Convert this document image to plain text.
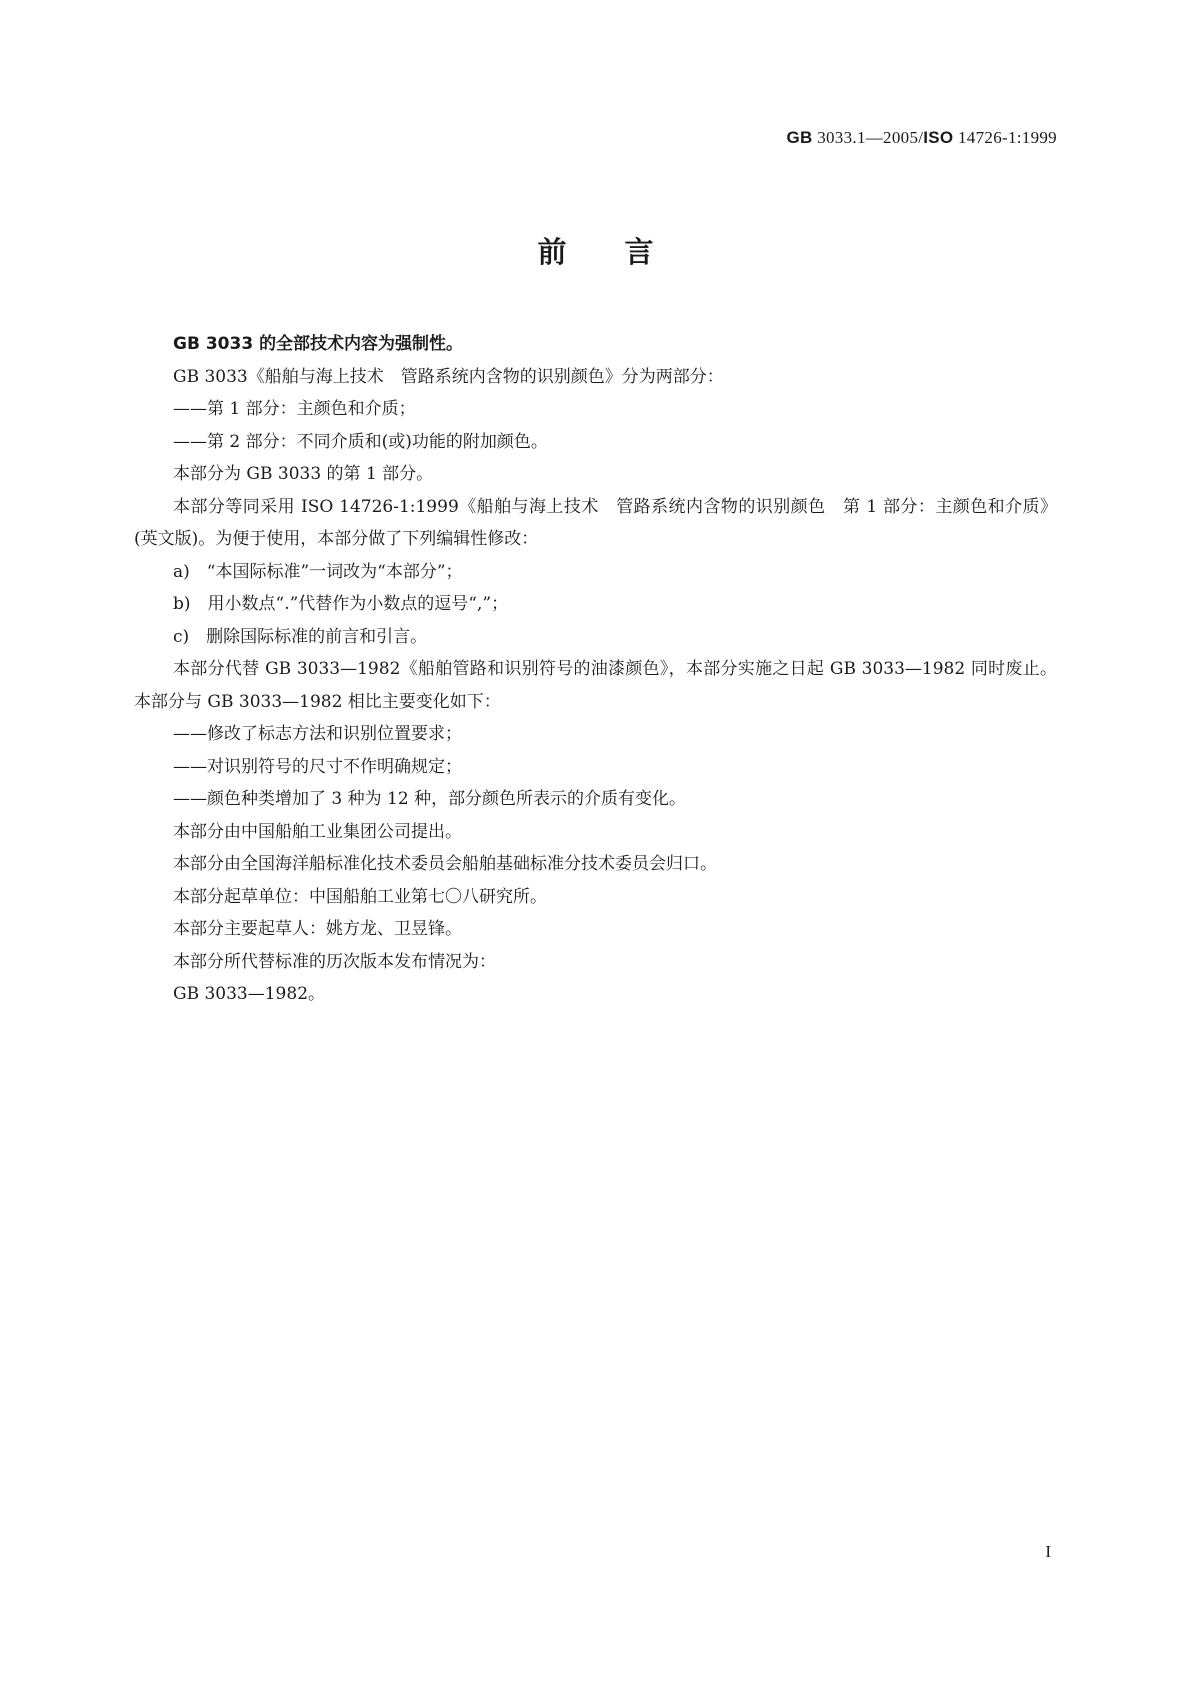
GB 3033.1—2005/ISO 14726-1:1999
前言

GB 3033 的全部技术内容为强制性。

GB 3033《船舶与海上技术　管路系统内含物的识别颜色》分为两部分：

——第 1 部分：主颜色和介质；

——第 2 部分：不同介质和(或)功能的附加颜色。

本部分为 GB 3033 的第 1 部分。

本部分等同采用 ISO 14726-1:1999《船舶与海上技术　管路系统内含物的识别颜色　第 1 部分：主颜色和介质》(英文版)。为便于使用，本部分做了下列编辑性修改：

a)　“本国际标准”一词改为“本部分”；

b)　用小数点“.”代替作为小数点的逗号“,”；

c)　删除国际标准的前言和引言。

本部分代替 GB 3033—1982《船舶管路和识别符号的油漆颜色》，本部分实施之日起 GB 3033—1982 同时废止。本部分与 GB 3033—1982 相比主要变化如下：

——修改了标志方法和识别位置要求；

——对识别符号的尺寸不作明确规定；

——颜色种类增加了 3 种为 12 种，部分颜色所表示的介质有变化。

本部分由中国船舶工业集团公司提出。

本部分由全国海洋船标准化技术委员会船舶基础标准分技术委员会归口。

本部分起草单位：中国船舶工业第七〇八研究所。

本部分主要起草人：姚方龙、卫昱锋。

本部分所代替标准的历次版本发布情况为：

GB 3033—1982。

I
